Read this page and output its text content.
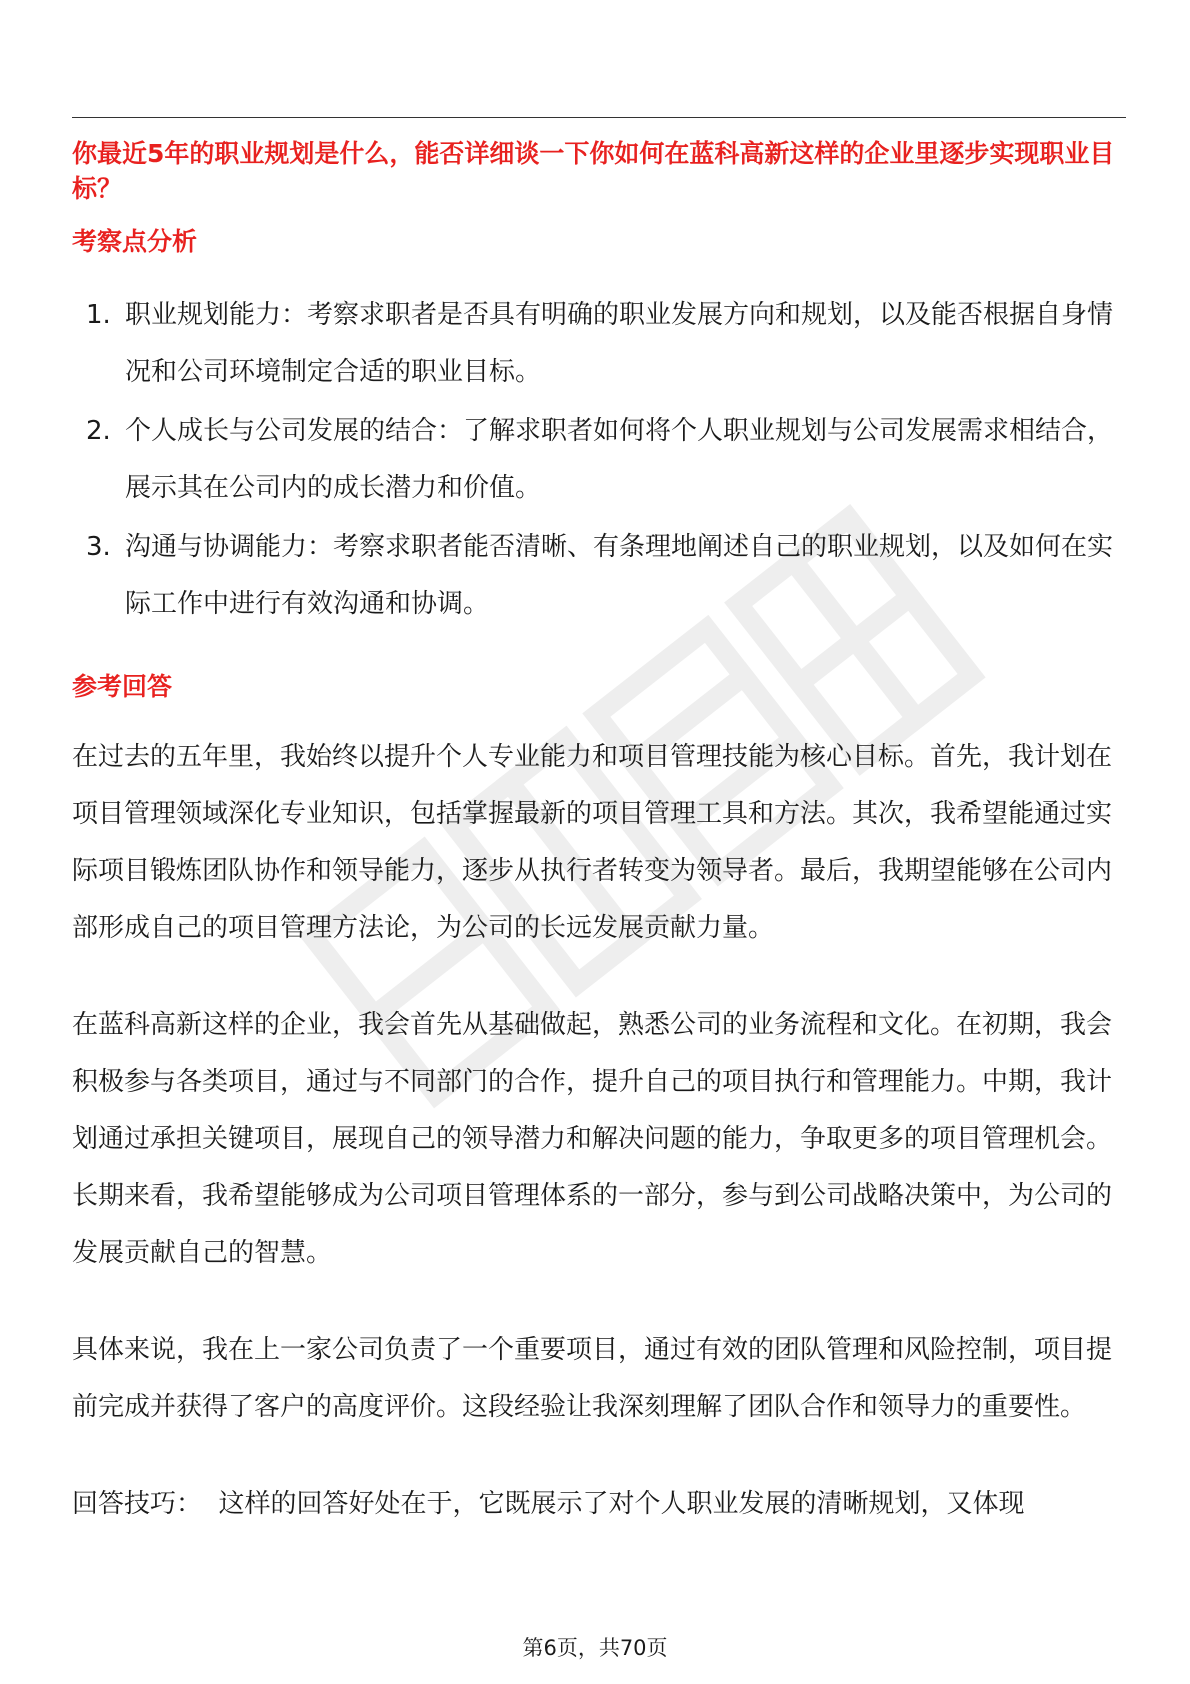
你最近5年的职业规划是什么，能否详细谈一下你如何在蓝科高新这样的企业里逐步实现职业目标？

考察点分析
1. 职业规划能力：考察求职者是否具有明确的职业发展方向和规划，以及能否根据自身情况和公司环境制定合适的职业目标。
2. 个人成长与公司发展的结合：了解求职者如何将个人职业规划与公司发展需求相结合，展示其在公司内的成长潜力和价值。
3. 沟通与协调能力：考察求职者能否清晰、有条理地阐述自己的职业规划，以及如何在实际工作中进行有效沟通和协调。
参考回答

在过去的五年里，我始终以提升个人专业能力和项目管理技能为核心目标。首先，我计划在项目管理领域深化专业知识，包括掌握最新的项目管理工具和方法。其次，我希望能通过实际项目锻炼团队协作和领导能力，逐步从执行者转变为领导者。最后，我期望能够在公司内部形成自己的项目管理方法论，为公司的长远发展贡献力量。

在蓝科高新这样的企业，我会首先从基础做起，熟悉公司的业务流程和文化。在初期，我会积极参与各类项目，通过与不同部门的合作，提升自己的项目执行和管理能力。中期，我计划通过承担关键项目，展现自己的领导潜力和解决问题的能力，争取更多的项目管理机会。长期来看，我希望能够成为公司项目管理体系的一部分，参与到公司战略决策中，为公司的发展贡献自己的智慧。

具体来说，我在上一家公司负责了一个重要项目，通过有效的团队管理和风险控制，项目提前完成并获得了客户的高度评价。这段经验让我深刻理解了团队合作和领导力的重要性。

回答技巧： 这样的回答好处在于，它既展示了对个人职业发展的清晰规划，又体现

第6页，共70页
